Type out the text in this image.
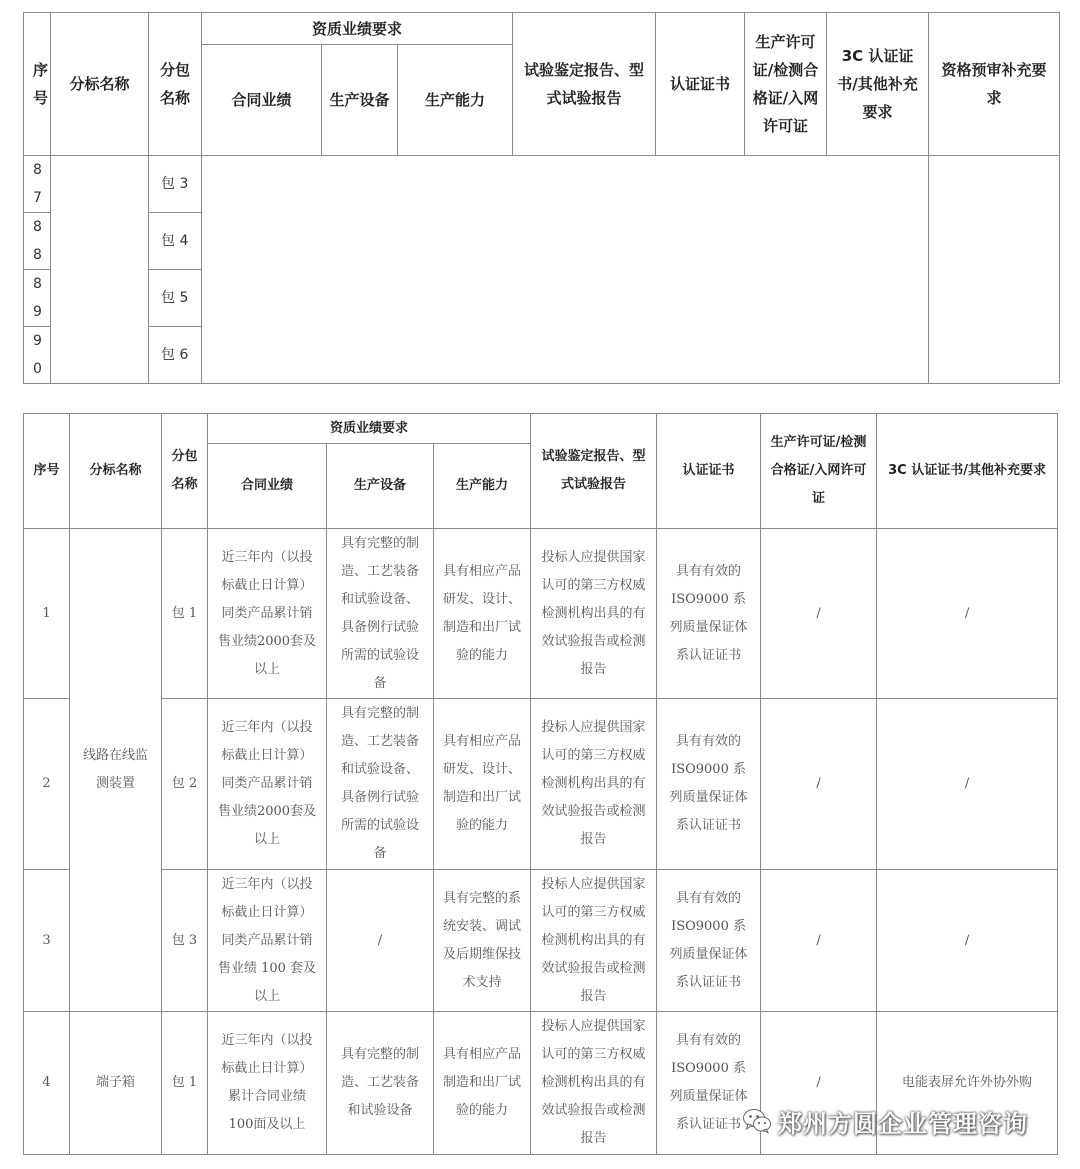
序号	分标名称	分包名称	资质业绩要求			试验鉴定报告、型式试验报告	认证证书	生产许可证/检测合格证/入网许可证	3C 认证证书/其他补充要求	资格预审补充要求
			合同业绩	生产设备	生产能力					
87		包 3								
88		包 4								
89		包 5								
90		包 6								
序号	分标名称	分包名称	资质业绩要求			试验鉴定报告、型式试验报告	认证证书	生产许可证/检测合格证/入网许可证	3C 认证证书/其他补充要求
			合同业绩	生产设备	生产能力				
1	线路在线监测装置	包 1	近三年内（以投标截止日计算）同类产品累计销售业绩2000套及以上	具有完整的制造、工艺装备和试验设备、具备例行试验所需的试验设备	具有相应产品研发、设计、制造和出厂试验的能力	投标人应提供国家认可的第三方权威检测机构出具的有效试验报告或检测报告	具有有效的ISO9000 系列质量保证体系认证证书	/	/
2		包 2	近三年内（以投标截止日计算）同类产品累计销售业绩2000套及以上	具有完整的制造、工艺装备和试验设备、具备例行试验所需的试验设备	具有相应产品研发、设计、制造和出厂试验的能力	投标人应提供国家认可的第三方权威检测机构出具的有效试验报告或检测报告	具有有效的ISO9000 系列质量保证体系认证证书	/	/
3		包 3	近三年内（以投标截止日计算）同类产品累计销售业绩 100 套及以上	/	具有完整的系统安装、调试及后期维保技术支持	投标人应提供国家认可的第三方权威检测机构出具的有效试验报告或检测报告	具有有效的ISO9000 系列质量保证体系认证证书	/	/
4	端子箱	包 1	近三年内（以投标截止日计算）累计合同业绩100面及以上	具有完整的制造、工艺装备和试验设备	具有相应产品制造和出厂试验的能力	投标人应提供国家认可的第三方权威检测机构出具的有效试验报告或检测报告	具有有效的ISO9000 系列质量保证体系认证证书	/	电能表屏允许外协外购
郑州方圆企业管理咨询
